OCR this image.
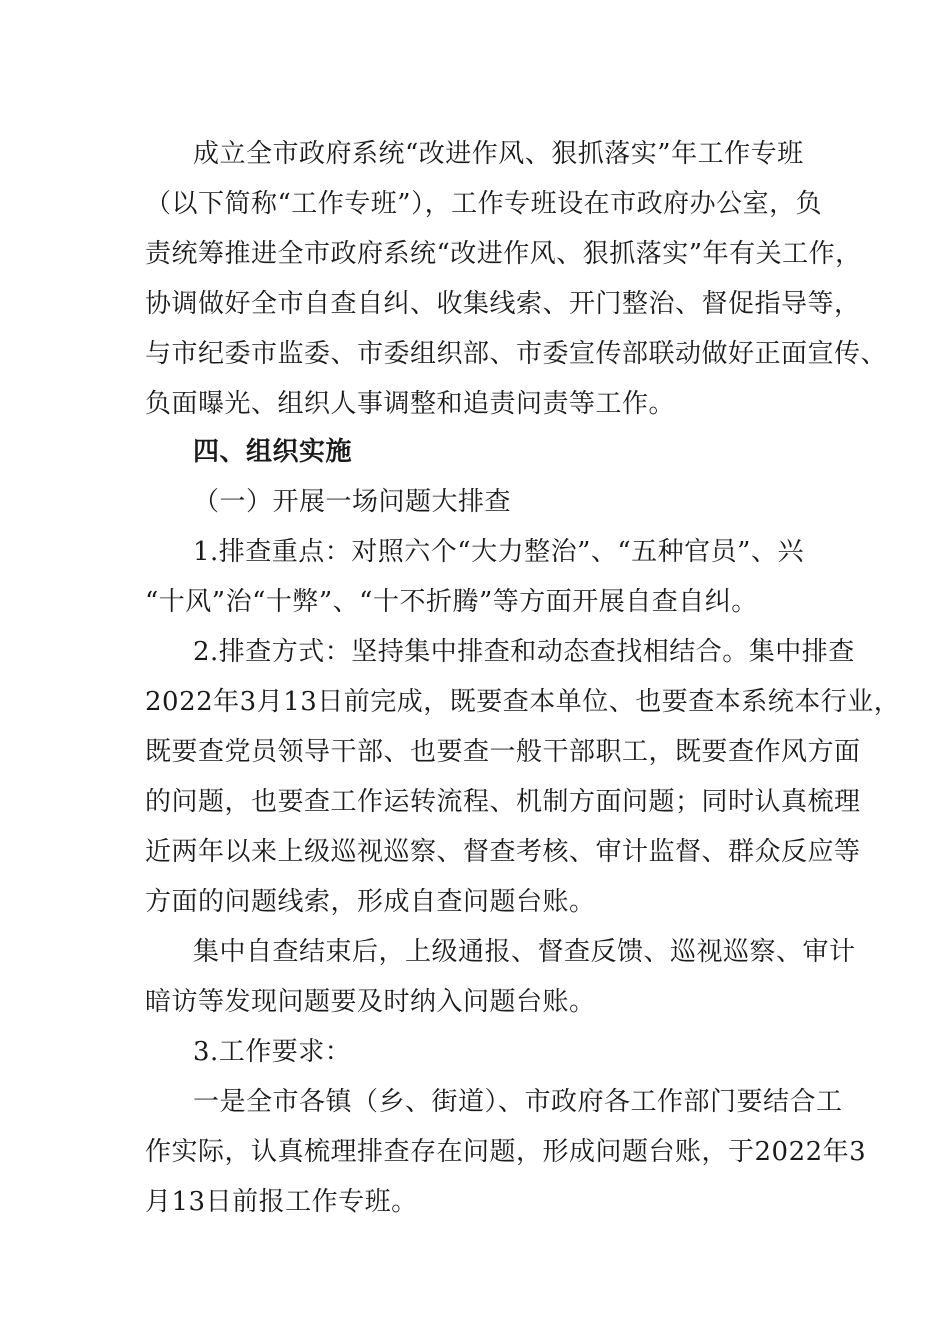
成立全市政府系统“改进作风、狠抓落实”年工作专班
（以下简称“工作专班”），工作专班设在市政府办公室，负
责统筹推进全市政府系统“改进作风、狠抓落实”年有关工作，
协调做好全市自查自纠、收集线索、开门整治、督促指导等，
与市纪委市监委、市委组织部、市委宣传部联动做好正面宣传、
负面曝光、组织人事调整和追责问责等工作。
四、组织实施
（一）开展一场问题大排查
1.排查重点：对照六个“大力整治”、“五种官员”、兴
“十风”治“十弊”、“十不折腾”等方面开展自查自纠。
2.排查方式：坚持集中排查和动态查找相结合。集中排查
2022年3月13日前完成，既要查本单位、也要查本系统本行业，
既要查党员领导干部、也要查一般干部职工，既要查作风方面
的问题，也要查工作运转流程、机制方面问题；同时认真梳理
近两年以来上级巡视巡察、督查考核、审计监督、群众反应等
方面的问题线索，形成自查问题台账。
集中自查结束后，上级通报、督查反馈、巡视巡察、审计
暗访等发现问题要及时纳入问题台账。
3.工作要求：
一是全市各镇（乡、街道）、市政府各工作部门要结合工
作实际，认真梳理排查存在问题，形成问题台账，于2022年3
月13日前报工作专班。
